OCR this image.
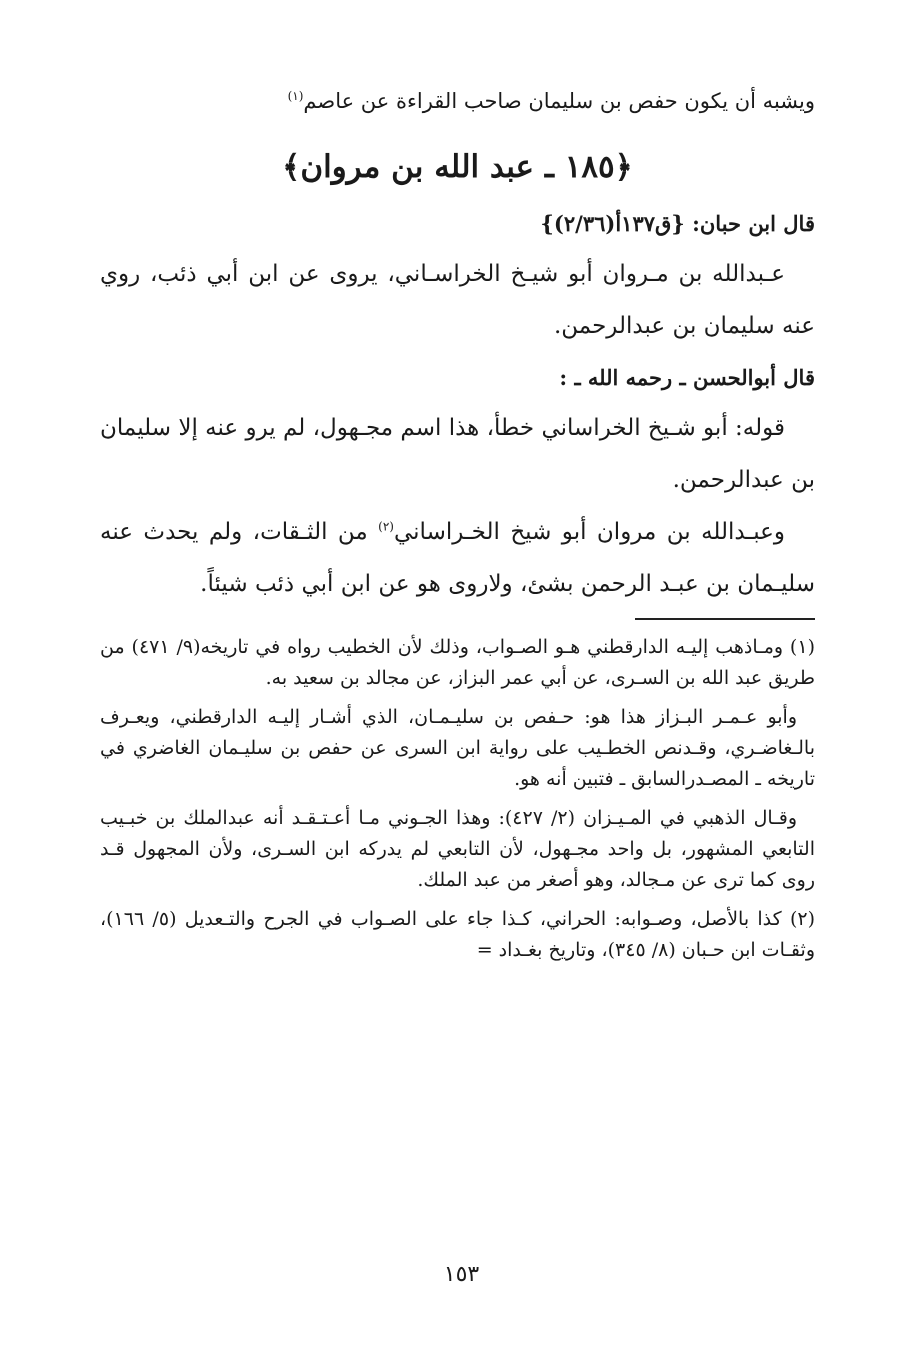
ويشبه أن يكون حفص بن سليمان صاحب القراءة عن عاصم$^{(١)}$

﴿١٨٥ ـ عبد الله بن مروان﴾
قال ابن حبان: {ق١٣٧أ(٢/٣٦)}

عـبدالله بن مـروان أبو شيـخ الخراسـاني، يروى عن ابن أبي ذئب، روي عنه سليمان بن عبدالرحمن.

قال أبوالحسن ـ رحمه الله ـ :

قوله: أبو شـيخ الخراساني خطأ، هذا اسم مجـهول، لم يرو عنه إلا سليمان بن عبدالرحمن.

وعبـدالله بن مروان أبو شيخ الخـراساني$^{(٢)}$ من الثـقات، ولم يحدث عنه سليـمان بن عبـد الرحمن بشئ، ولاروى هو عن ابن أبي ذئب شيئاً.

(١) ومـاذهب إليـه الدارقطني هـو الصـواب، وذلك لأن الخطيب رواه في تاريخه(٩/ ٤٧١) من طريق عبد الله بن السـرى، عن أبي عمر البزاز، عن مجالد بن سعيد به.

وأبو عـمـر البـزاز هذا هو: حـفص بن سليـمـان، الذي أشـار إليـه الدارقطني، ويعـرف بالـغاضـري، وقـدنص الخطـيب على رواية ابن السرى عن حفص بن سليـمان الغاضري في تاريخه ـ المصـدرالسابق ـ فتبين أنه هو.

وقـال الذهبي في المـيـزان (٢/ ٤٢٧): وهذا الجـوني مـا أعـتـقـد أنه عبدالملك بن خبـيب التابعي المشهور، بل واحد مجـهول، لأن التابعي لم يدركه ابن السـرى، ولأن المجهول قـد روى كما ترى عن مـجالد، وهو أصغر من عبد الملك.

(٢) كذا بالأصل، وصـوابه: الحراني، كـذا جاء على الصـواب في الجرح والتـعديل (٥/ ١٦٦)، وثقـات ابن حـبان (٨/ ٣٤٥)، وتاريخ بغـداد =

١٥٣
